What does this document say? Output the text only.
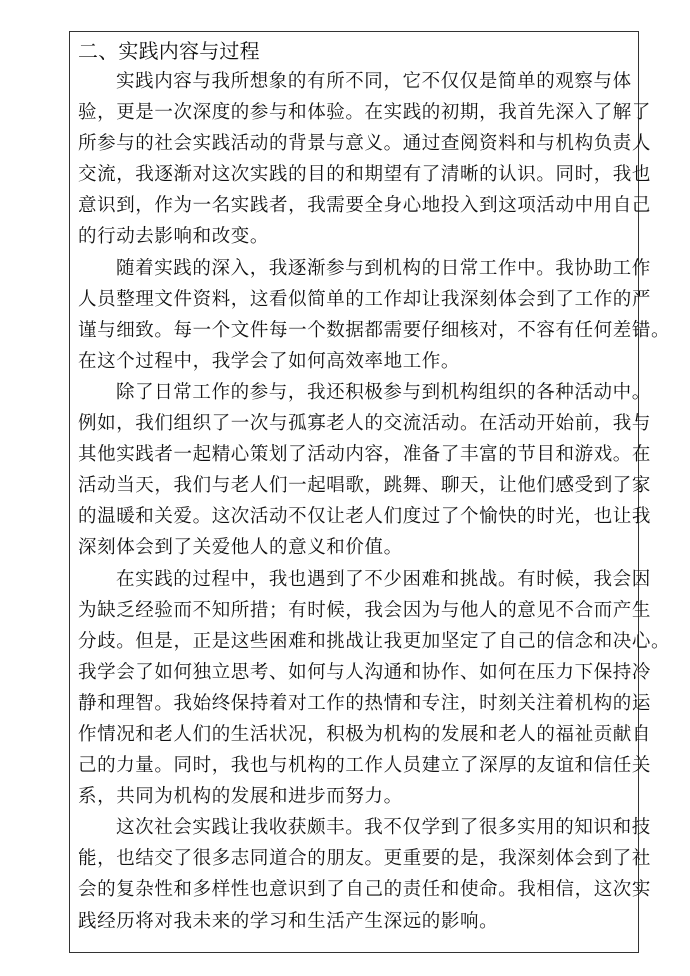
二、实践内容与过程

实践内容与我所想象的有所不同，它不仅仅是简单的观察与体
验，更是一次深度的参与和体验。在实践的初期，我首先深入了解了
所参与的社会实践活动的背景与意义。通过查阅资料和与机构负责人
交流，我逐渐对这次实践的目的和期望有了清晰的认识。同时，我也
意识到，作为一名实践者，我需要全身心地投入到这项活动中用自己
的行动去影响和改变。

随着实践的深入，我逐渐参与到机构的日常工作中。我协助工作
人员整理文件资料，这看似简单的工作却让我深刻体会到了工作的严
谨与细致。每一个文件每一个数据都需要仔细核对，不容有任何差错。
在这个过程中，我学会了如何高效率地工作。

除了日常工作的参与，我还积极参与到机构组织的各种活动中。
例如，我们组织了一次与孤寡老人的交流活动。在活动开始前，我与
其他实践者一起精心策划了活动内容，准备了丰富的节目和游戏。在
活动当天，我们与老人们一起唱歌，跳舞、聊天，让他们感受到了家
的温暖和关爱。这次活动不仅让老人们度过了个愉快的时光，也让我
深刻体会到了关爱他人的意义和价值。

在实践的过程中，我也遇到了不少困难和挑战。有时候，我会因
为缺乏经验而不知所措；有时候，我会因为与他人的意见不合而产生
分歧。但是，正是这些困难和挑战让我更加坚定了自己的信念和决心。
我学会了如何独立思考、如何与人沟通和协作、如何在压力下保持冷
静和理智。我始终保持着对工作的热情和专注，时刻关注着机构的运
作情况和老人们的生活状况，积极为机构的发展和老人的福祉贡献自
己的力量。同时，我也与机构的工作人员建立了深厚的友谊和信任关
系，共同为机构的发展和进步而努力。

这次社会实践让我收获颇丰。我不仅学到了很多实用的知识和技
能，也结交了很多志同道合的朋友。更重要的是，我深刻体会到了社
会的复杂性和多样性也意识到了自己的责任和使命。我相信，这次实
践经历将对我未来的学习和生活产生深远的影响。
